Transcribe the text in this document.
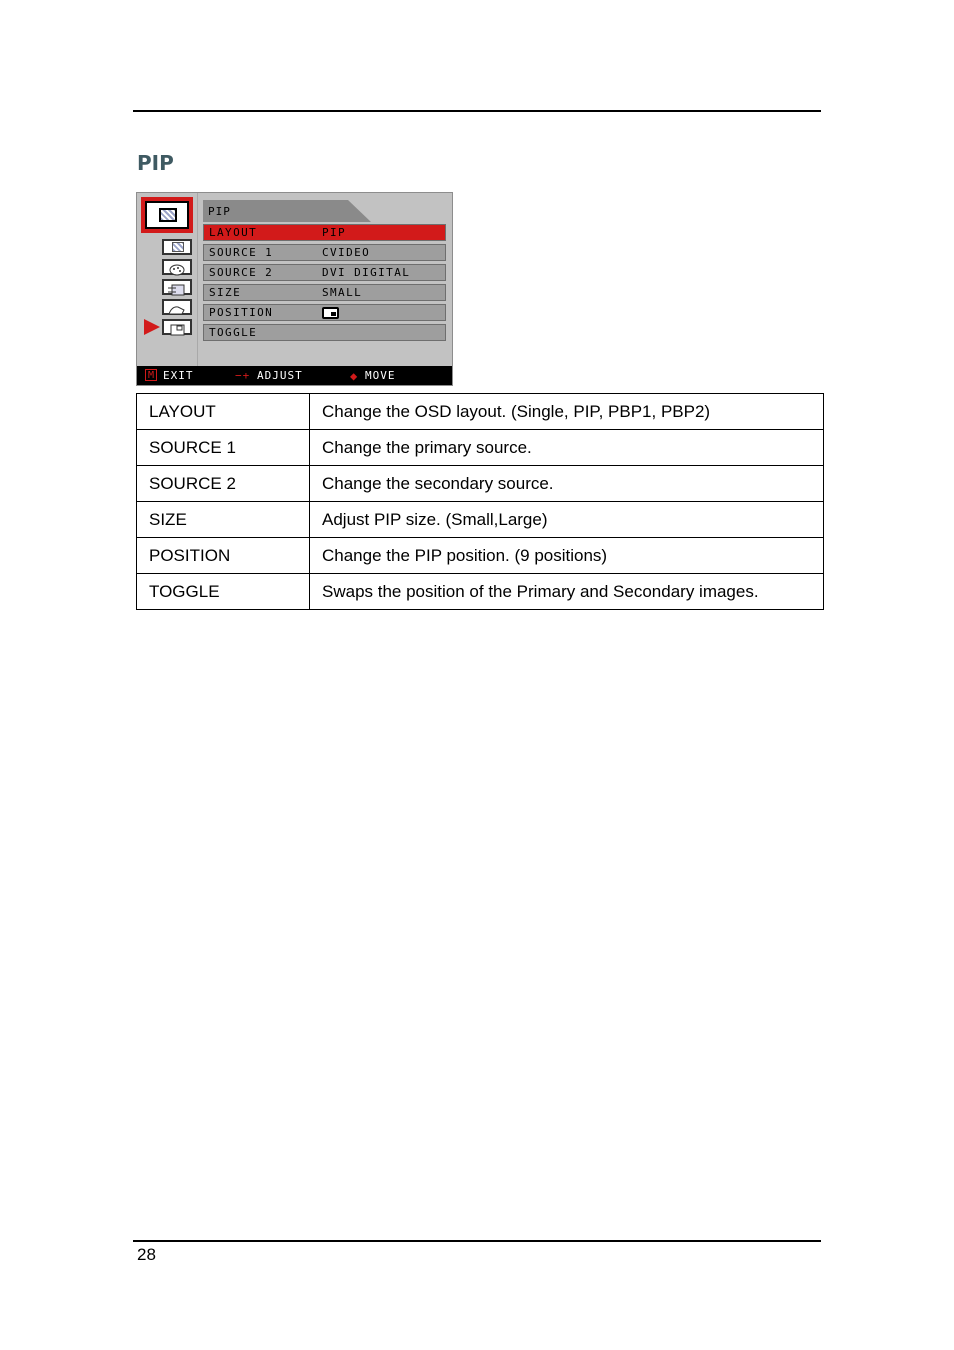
PIP
PIP
LAYOUT	PIP
SOURCE 1	CVIDEO
SOURCE 2	DVI DIGITAL
SIZE	SMALL
POSITION
TOGGLE
M EXIT	−+ ADJUST	◆ MOVE
LAYOUT	Change the OSD layout. (Single, PIP, PBP1, PBP2)
SOURCE 1	Change the primary source.
SOURCE 2	Change the secondary source.
SIZE	Adjust PIP size. (Small,Large)
POSITION	Change the PIP position. (9 positions)
TOGGLE	Swaps the position of the Primary and Secondary images.
28
